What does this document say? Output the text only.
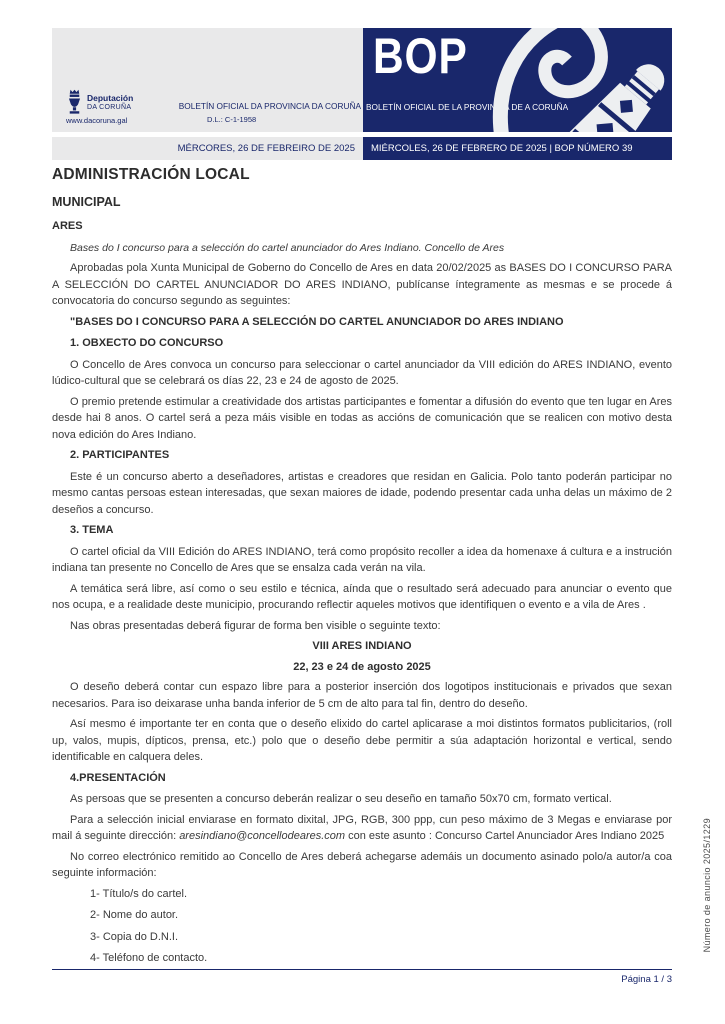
Deputación
DA CORUÑA
www.dacoruna.gal
BOLETÍN OFICIAL DA PROVINCIA DA CORUÑA
D.L.: C-1-1958
BOP
BOLETÍN OFICIAL DE LA PROVINCIA DE A CORUÑA
MÉRCORES, 26 DE FEBREIRO DE 2025	MIÉRCOLES, 26 DE FEBRERO DE 2025 | BOP NÚMERO 39
ADMINISTRACIÓN LOCAL
MUNICIPAL
ARES

Bases do I concurso para a selección do cartel anunciador do Ares Indiano. Concello de Ares

Aprobadas pola Xunta Municipal de Goberno do Concello de Ares en data 20/02/2025 as BASES DO I CONCURSO PARA A SELECCIÓN DO CARTEL ANUNCIADOR DO ARES INDIANO, publícanse íntegramente as mesmas e se procede á convocatoria do concurso segundo as seguintes:

"BASES DO I CONCURSO PARA A SELECCIÓN DO CARTEL ANUNCIADOR DO ARES INDIANO

1. OBXECTO DO CONCURSO

O Concello de Ares convoca un concurso para seleccionar o cartel anunciador da VIII edición do ARES INDIANO, evento lúdico-cultural que se celebrará os días 22, 23 e 24 de agosto de 2025.

O premio pretende estimular a creatividade dos artistas participantes e fomentar a difusión do evento que ten lugar en Ares desde hai 8 anos. O cartel será a peza máis visible en todas as accións de comunicación que se realicen con motivo desta nova edición do Ares Indiano.

2. PARTICIPANTES

Este é un concurso aberto a deseñadores, artistas e creadores que residan en Galicia. Polo tanto poderán participar no mesmo cantas persoas estean interesadas, que sexan maiores de idade, podendo presentar cada unha delas un máximo de 2 deseños a concurso.

3. TEMA

O cartel oficial da VIII Edición do ARES INDIANO, terá como propósito recoller a idea da homenaxe á cultura e a instrución indiana tan presente no Concello de Ares que se ensalza cada verán na vila.

A temática será libre, así como o seu estilo e técnica, aínda que o resultado será adecuado para anunciar o evento que nos ocupa, e a realidade deste municipio, procurando reflectir aqueles motivos que identifiquen o evento e a vila de Ares .

Nas obras presentadas deberá figurar de forma ben visible o seguinte texto:

VIII ARES INDIANO

22, 23 e 24 de agosto 2025

O deseño deberá contar cun espazo libre para a posterior inserción dos logotipos institucionais e privados que sexan necesarios. Para iso deixarase unha banda inferior de 5 cm de alto para tal fin, dentro do deseño.

Así mesmo é importante ter en conta que o deseño elixido do cartel aplicarase a moi distintos formatos publicitarios, (roll up, valos, mupis, dípticos, prensa, etc.) polo que o deseño debe permitir a súa adaptación horizontal e vertical, sendo identificable en calquera deles.

4.PRESENTACIÓN

As persoas que se presenten a concurso deberán realizar o seu deseño en tamaño 50x70 cm, formato vertical.

Para a selección inicial enviarase en formato dixital, JPG, RGB, 300 ppp, cun peso máximo de 3 Megas e enviarase por mail á seguinte dirección: aresindiano@concellodeares.com con este asunto : Concurso Cartel Anunciador Ares Indiano 2025

No correo electrónico remitido ao Concello de Ares deberá achegarse ademáis un documento asinado polo/a autor/a coa seguinte información:

1- Título/s do cartel.

2- Nome do autor.

3- Copia do D.N.I.

4- Teléfono de contacto.

Página 1 / 3
Número de anuncio 2025/1229
